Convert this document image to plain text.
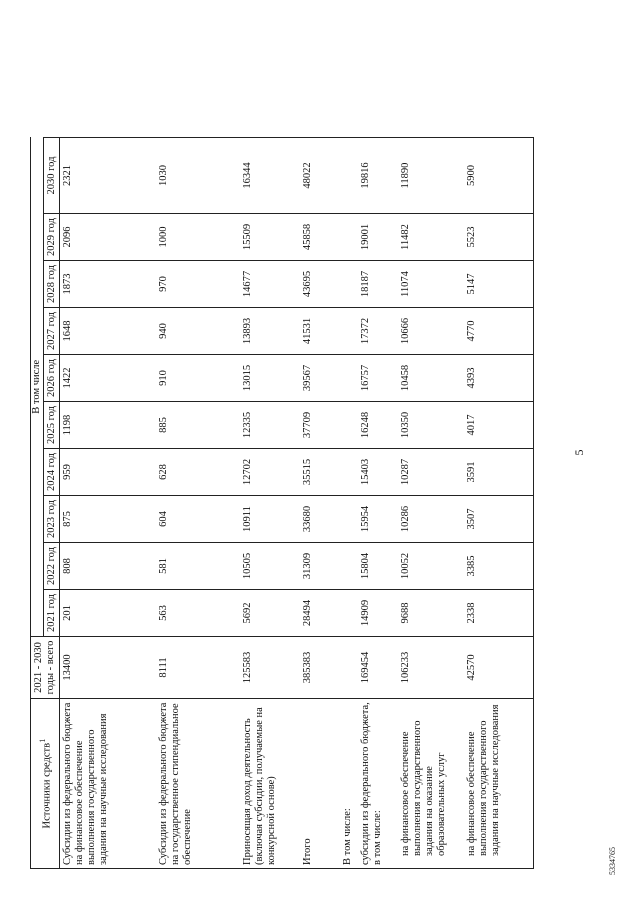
5
Источники средств$^1$	2021 - 2030 годы - всего	В том числе									
		2021 год	2022 год	2023 год	2024 год	2025 год	2026 год	2027 год	2028 год	2029 год	2030 год
Субсидии из федерального бюджета на финансовое обеспечение выполнения государственного задания на научные исследования	13400	201	808	875	959	1198	1422	1648	1873	2096	2321
Субсидии из федерального бюджета на государственное стипендиальное обеспечение	8111	563	581	604	628	885	910	940	970	1000	1030
Приносящая доход деятельность (включая субсидии, получаемые на конкурсной основе)	125583	5692	10505	10911	12702	12335	13015	13893	14677	15509	16344
Итого	385383	28494	31309	33680	35515	37709	39567	41531	43695	45858	48022
В том числе:											
субсидии из федерального бюджета, в том числе:	169454	14909	15804	15954	15403	16248	16757	17372	18187	19001	19816
на финансовое обеспечение выполнения государственного задания на оказание образовательных услуг	106233	9688	10052	10286	10287	10350	10458	10666	11074	11482	11890
на финансовое обеспечение выполнения государственного задания на научные исследования	42570	2338	3385	3507	3591	4017	4393	4770	5147	5523	5900
5334765
